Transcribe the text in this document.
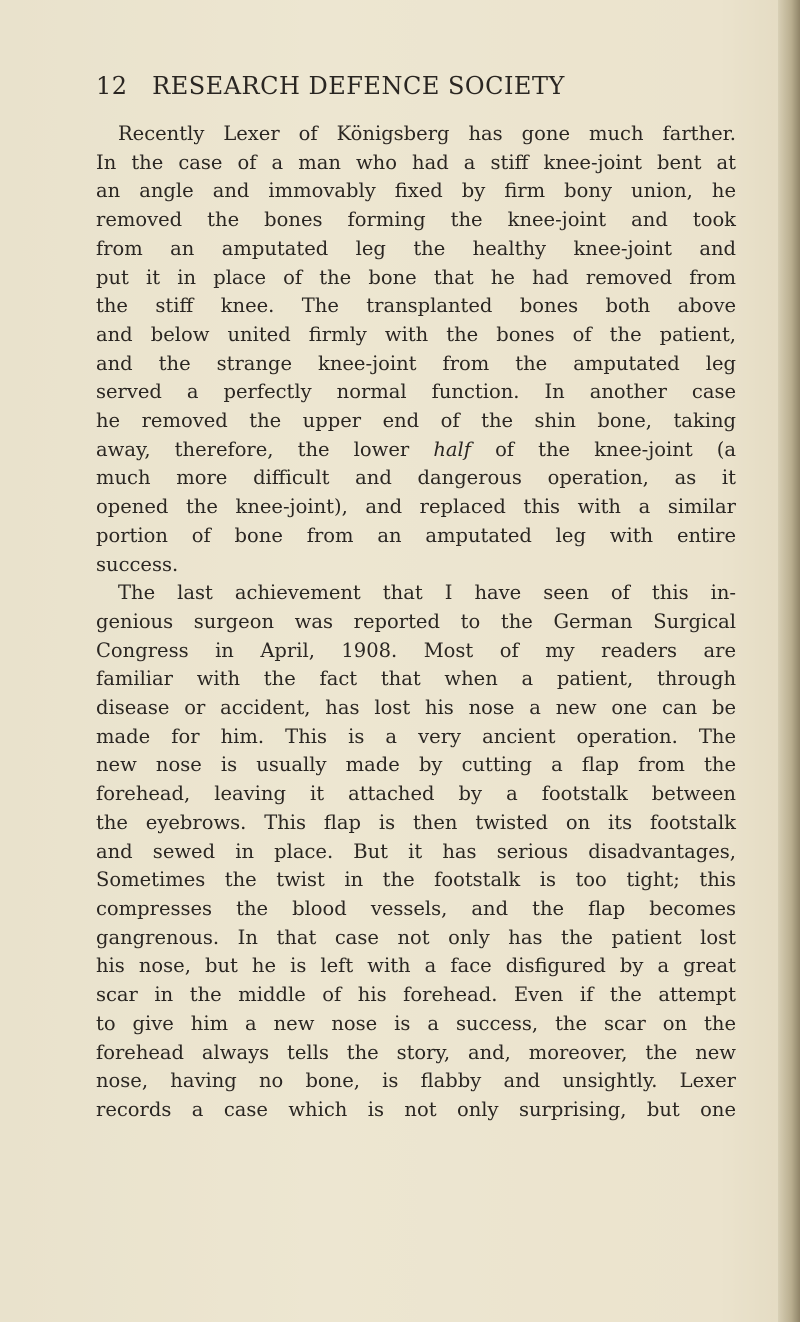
12 RESEARCH DEFENCE SOCIETY
Recently Lexer of Königsberg has gone much farther.
In the case of a man who had a stiff knee-joint bent at
an angle and immovably fixed by firm bony union, he
removed the bones forming the knee-joint and took
from an amputated leg the healthy knee-joint and
put it in place of the bone that he had removed from
the stiff knee. The transplanted bones both above
and below united firmly with the bones of the patient,
and the strange knee-joint from the amputated leg
served a perfectly normal function. In another case
he removed the upper end of the shin bone, taking
away, therefore, the lower half of the knee-joint (a
much more difficult and dangerous operation, as it
opened the knee-joint), and replaced this with a similar
portion of bone from an amputated leg with entire
success.
The last achievement that I have seen of this in-
genious surgeon was reported to the German Surgical
Congress in April, 1908. Most of my readers are
familiar with the fact that when a patient, through
disease or accident, has lost his nose a new one can be
made for him. This is a very ancient operation. The
new nose is usually made by cutting a flap from the
forehead, leaving it attached by a footstalk between
the eyebrows. This flap is then twisted on its footstalk
and sewed in place. But it has serious disadvantages,
Sometimes the twist in the footstalk is too tight; this
compresses the blood vessels, and the flap becomes
gangrenous. In that case not only has the patient lost
his nose, but he is left with a face disfigured by a great
scar in the middle of his forehead. Even if the attempt
to give him a new nose is a success, the scar on the
forehead always tells the story, and, moreover, the new
nose, having no bone, is flabby and unsightly. Lexer
records a case which is not only surprising, but one
